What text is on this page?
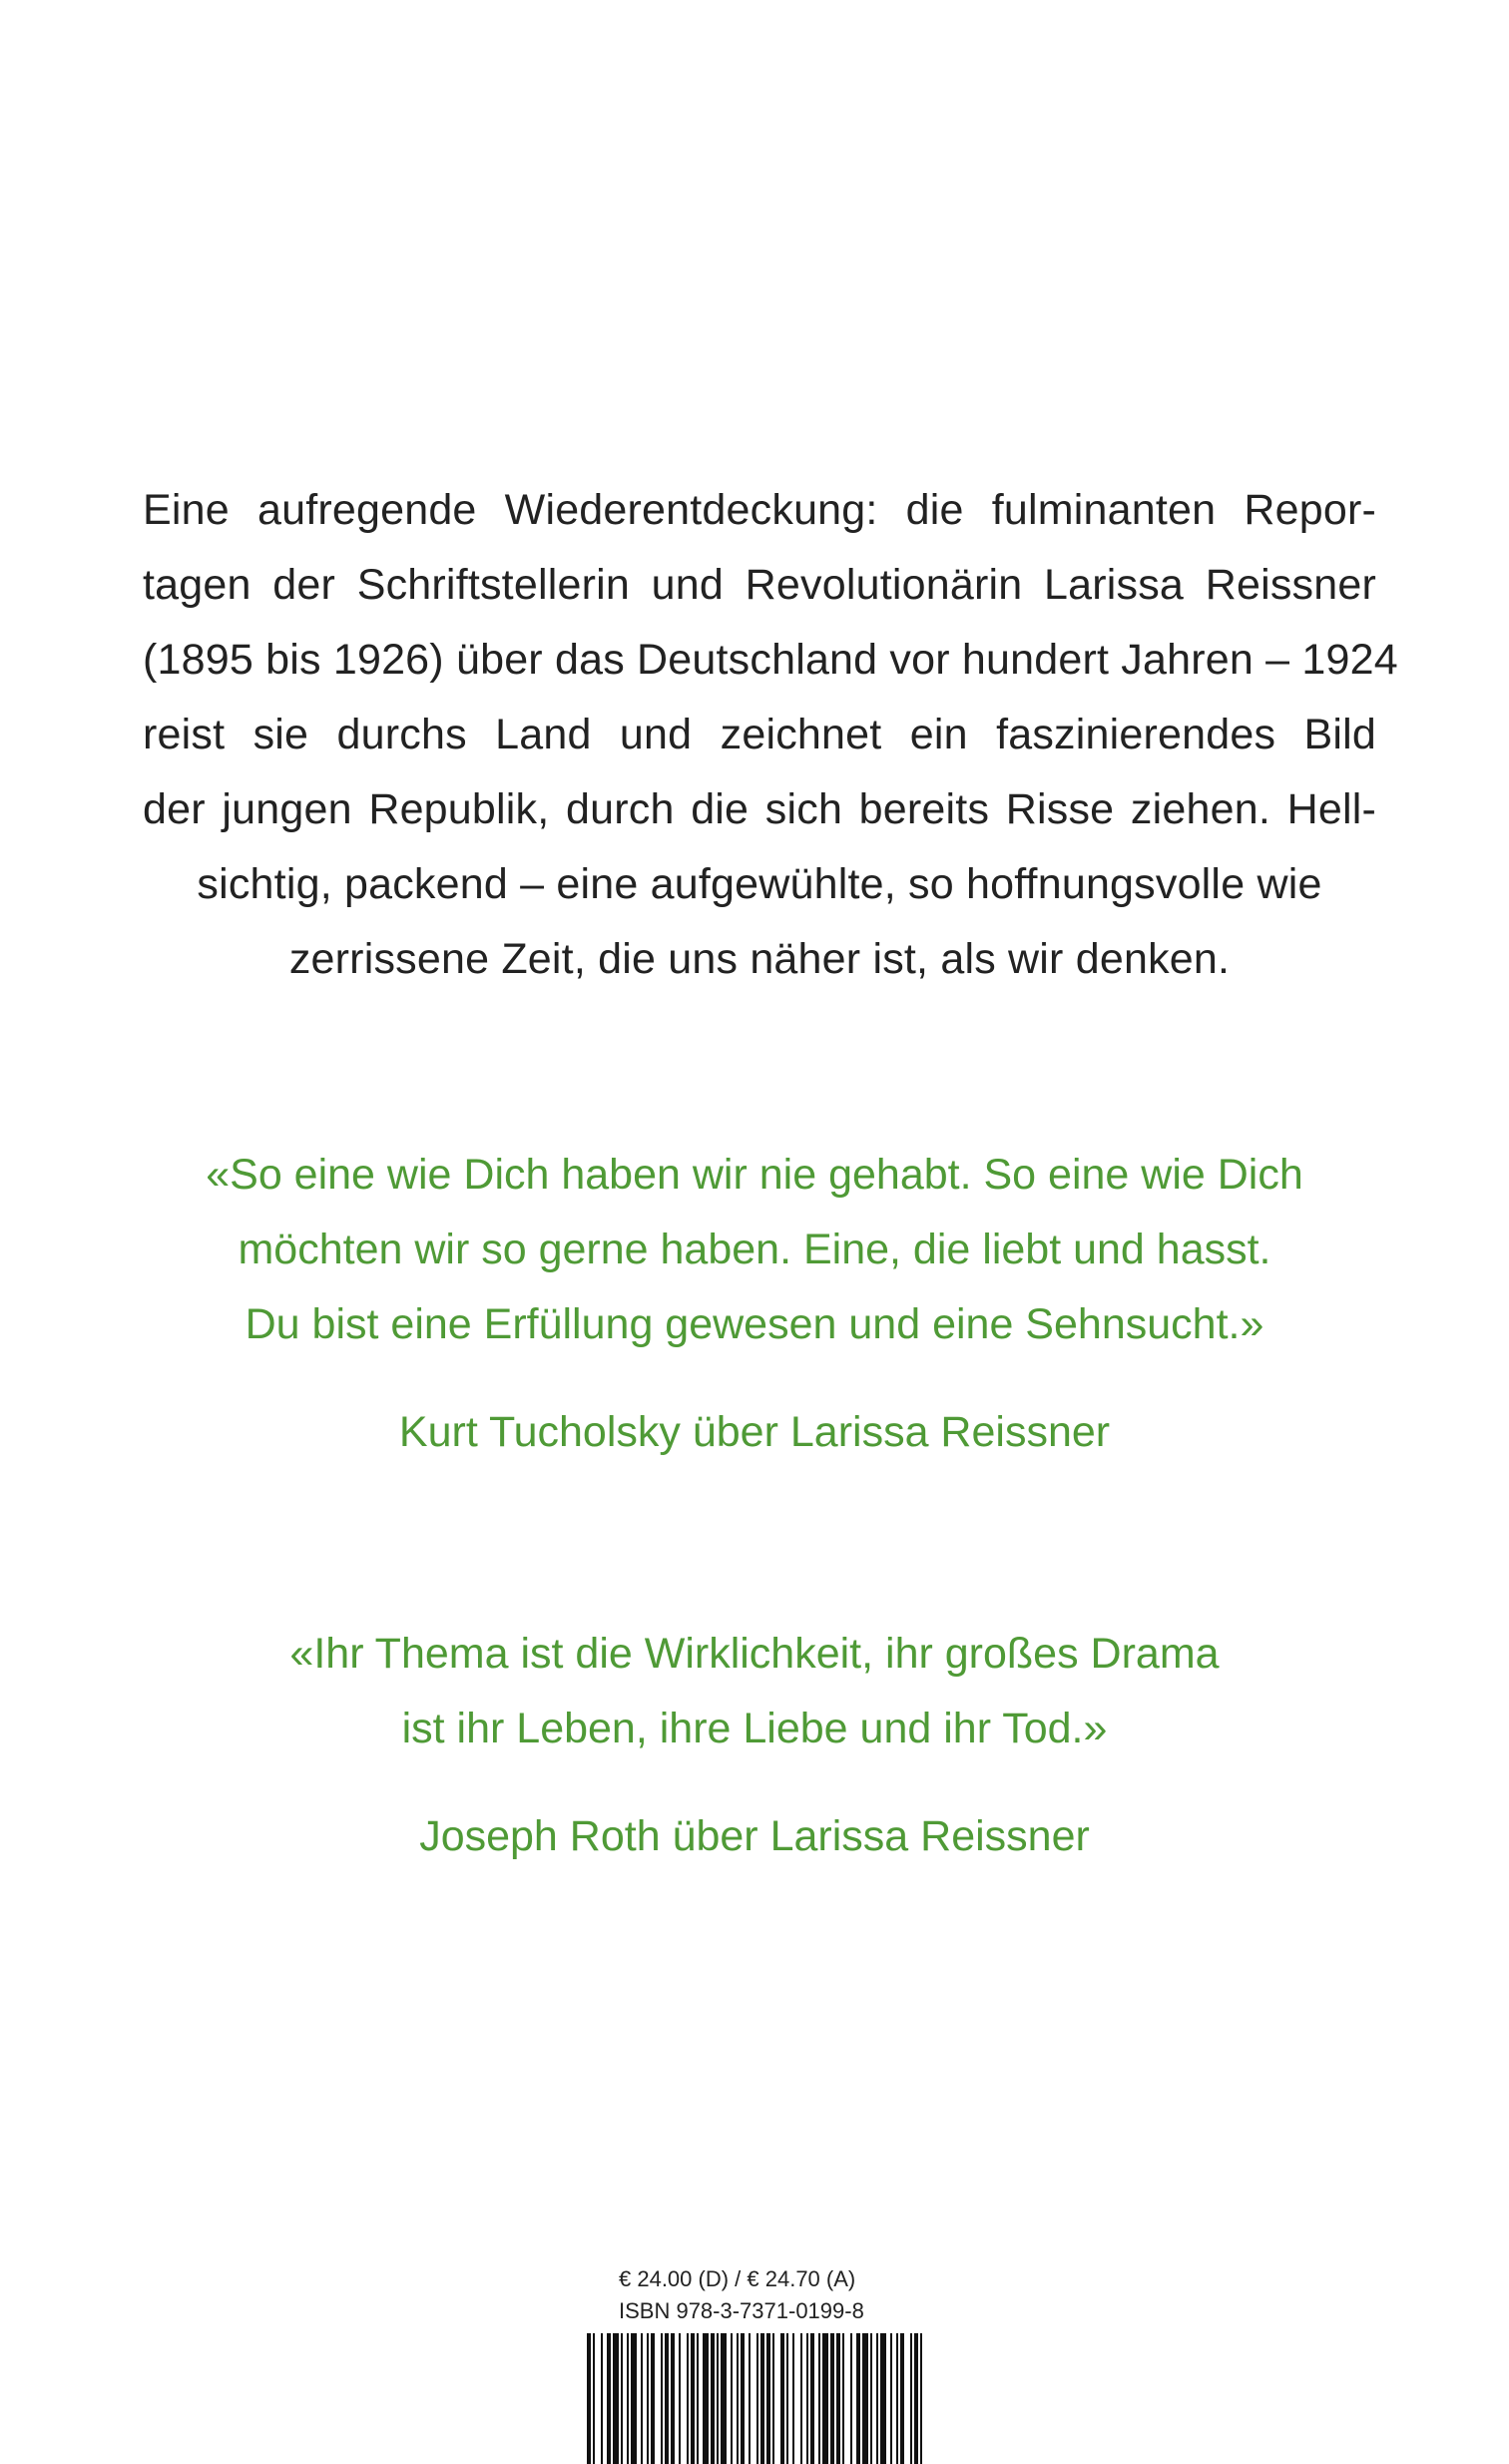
Eine aufregende Wiederentdeckung: die fulminanten Repor-
tagen der Schriftstellerin und Revolutionärin Larissa Reissner
(1895 bis 1926) über das Deutschland vor hundert Jahren – 1924
reist sie durchs Land und zeichnet ein faszinierendes Bild
der jungen Republik, durch die sich bereits Risse ziehen. Hell-
sichtig, packend – eine aufgewühlte, so hoffnungsvolle wie
zerrissene Zeit, die uns näher ist, als wir denken.
«So eine wie Dich haben wir nie gehabt. So eine wie Dich
möchten wir so gerne haben. Eine, die liebt und hasst.
Du bist eine Erfüllung gewesen und eine Sehnsucht.»
Kurt Tucholsky über Larissa Reissner
«Ihr Thema ist die Wirklichkeit, ihr großes Drama
ist ihr Leben, ihre Liebe und ihr Tod.»
Joseph Roth über Larissa Reissner
€ 24.00 (D) / € 24.70 (A)
ISBN 978-3-7371-0199-8
